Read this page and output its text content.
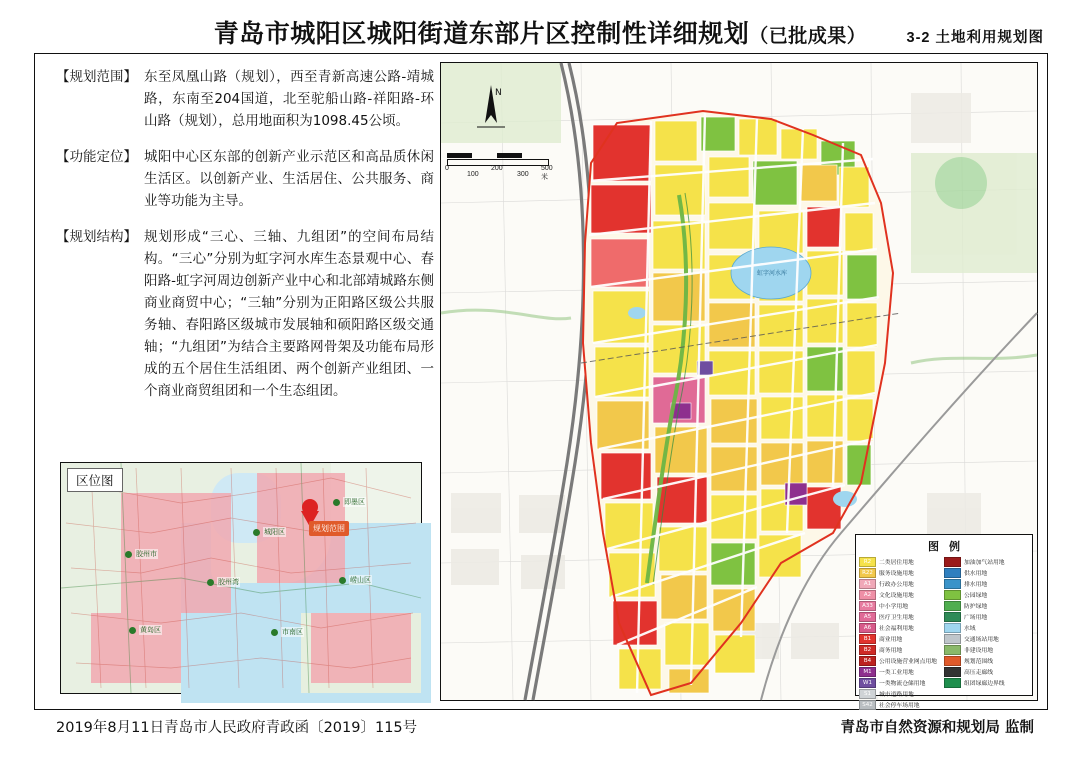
青岛市城阳区城阳街道东部片区控制性详细规划（已批成果）	3-2 土地利用规划图
【规划范围】 东至凤凰山路（规划），西至青新高速公路-靖城路，东南至204国道，北至驼船山路-祥阳路-环山路（规划），总用地面积为1098.45公顷。
【功能定位】 城阳中心区东部的创新产业示范区和高品质休闲生活区。以创新产业、生活居住、公共服务、商业等功能为主导。
【规划结构】 规划形成“三心、三轴、九组团”的空间布局结构。“三心”分别为虹字河水库生态景观中心、春阳路-虹字河周边创新产业中心和北部靖城路东侧商业商贸中心；“三轴”分别为正阳路区级公共服务轴、春阳路区级城市发展轴和硕阳路区级交通轴；“九组团”为结合主要路网骨架及功能布局形成的五个居住生活组团、两个创新产业组团、一个商业商贸组团和一个生态组团。
规划范围
胶州湾
城阳区
即墨区
崂山区
黄岛区
胶州市
市南区
区位图
虹字河水库
N
0	200	500米
100	300
图例
R2	二类居住用地
R22	服务设施用地
A1	行政办公用地
A2	文化设施用地
A33	中小学用地
A5	医疗卫生用地
A6	社会福利用地
B1	商业用地
B2	商务用地
B4	公用设施营业网点用地
M1	一类工业用地
W1	一类物流仓储用地
S1	城市道路用地
S42	社会停车场用地
加油加气站用地
供水用地
排水用地
公园绿地
防护绿地
广场用地
水域
交通场站用地
非建设用地
规划范围线
高压走廊线
组团绿廊边界线
2019年8月11日青岛市人民政府青政函〔2019〕115号	青岛市自然资源和规划局 监制
